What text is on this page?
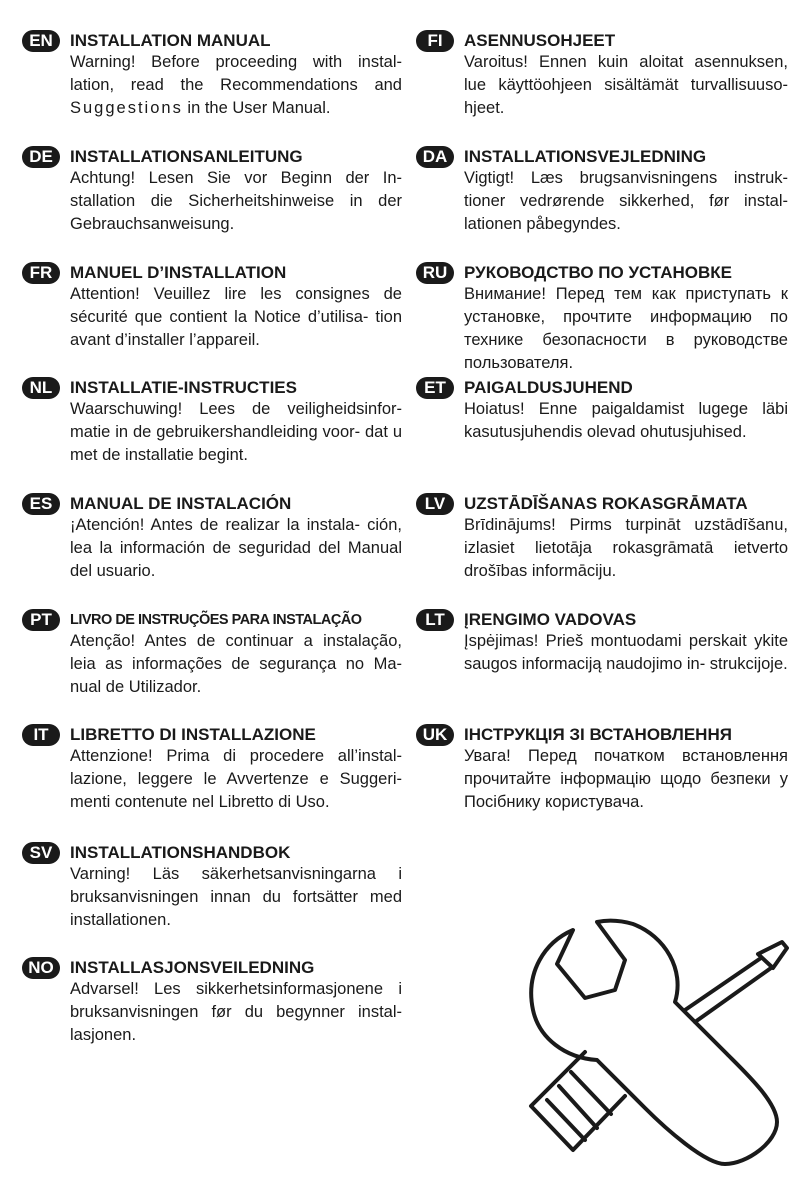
EN	INSTALLATION MANUAL
Warning! Before proceeding with instal- lation, read the Recommendations and Suggestions in the User Manual.
DE	INSTALLATIONSANLEITUNG
Achtung! Lesen Sie vor Beginn der In- stallation die Sicherheitshinweise in der Gebrauchsanweisung.
FR	MANUEL D’INSTALLATION
Attention! Veuillez lire les consignes de sécurité que contient la Notice d’utilisa- tion avant d’installer l’appareil.
NL	INSTALLATIE-INSTRUCTIES
Waarschuwing! Lees de veiligheidsinfor- matie in de gebruikershandleiding voor- dat u met de installatie begint.
ES	MANUAL DE INSTALACIÓN
¡Atención! Antes de realizar la instala- ción, lea la información de seguridad del Manual del usuario.
PT	LIVRO DE INSTRUÇÕES PARA INSTALAÇÃO
Atenção! Antes de continuar a instalação, leia as informações de segurança no Ma- nual de Utilizador.
IT	LIBRETTO DI INSTALLAZIONE
Attenzione! Prima di procedere all’instal- lazione, leggere le Avvertenze e Suggeri- menti contenute nel Libretto di Uso.
SV	INSTALLATIONSHANDBOK
Varning! Läs säkerhetsanvisningarna i bruksanvisningen innan du fortsätter med installationen.
NO INSTALLASJONSVEILEDNING
Advarsel! Les sikkerhetsinformasjonene i bruksanvisningen før du begynner instal- lasjonen.
FI	ASENNUSOHJEET
Varoitus! Ennen kuin aloitat asennuksen, lue käyttöohjeen sisältämät turvallisuuso- hjeet.
DA INSTALLATIONSVEJLEDNING
Vigtigt! Læs brugsanvisningens instruk- tioner vedrørende sikkerhed, før instal- lationen påbegyndes.
RU РУКОВОДСТВО ПО УСТАНОВКЕ
Внимание! Перед тем как приступать к установке, прочтите информацию по технике безопасности в руководстве пользователя.
ET	PAIGALDUSJUHEND
Hoiatus! Enne paigaldamist lugege läbi kasutusjuhendis olevad ohutusjuhised.
LV	UZSTĀDĪŠANAS ROKASGRĀMATA
Brīdinājums! Pirms turpināt uzstādīšanu, izlasiet lietotāja rokasgrāmatā ietverto drošības informāciju.
LT	ĮRENGIMO VADOVAS
Įspėjimas! Prieš montuodami perskait ykite saugos informaciją naudojimo in- strukcijoje.
UK ІНСТРУКЦІЯ ЗІ ВСТАНОВЛЕННЯ
Увага! Перед початком встановлення прочитайте інформацію щодо безпеки у Посібнику користувача.
